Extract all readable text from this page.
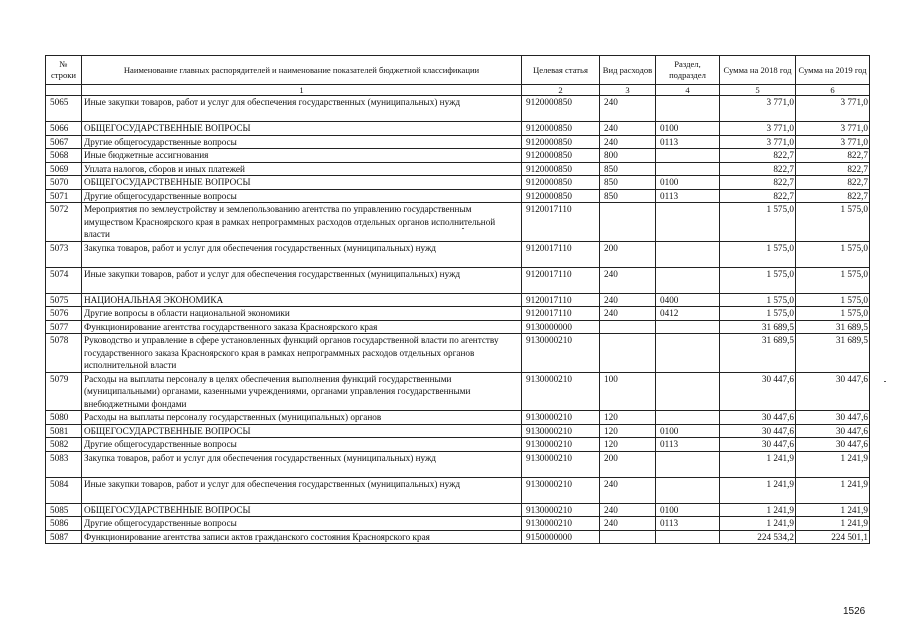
№ строки	Наименование главных распорядителей и наименование показателей бюджетной классификации	Целевая статья	Вид расходов	Раздел, подраздел	Сумма на 2018 год	Сумма на 2019 год
	1	2	3	4	5	6
5065	Иные закупки товаров, работ и услуг для обеспечения государственных (муниципальных) нужд	9120000850	240		3 771,0	3 771,0
5066	ОБЩЕГОСУДАРСТВЕННЫЕ ВОПРОСЫ	9120000850	240	0100	3 771,0	3 771,0
5067	Другие общегосударственные вопросы	9120000850	240	0113	3 771,0	3 771,0
5068	Иные бюджетные ассигнования	9120000850	800		822,7	822,7
5069	Уплата налогов, сборов и иных платежей	9120000850	850		822,7	822,7
5070	ОБЩЕГОСУДАРСТВЕННЫЕ ВОПРОСЫ	9120000850	850	0100	822,7	822,7
5071	Другие общегосударственные вопросы	9120000850	850	0113	822,7	822,7
5072	Мероприятия по землеустройству и землепользованию агентства по управлению государственным имуществом Красноярского края в рамках непрограммных расходов отдельных органов исполнительной власти	9120017110			1 575,0	1 575,0
5073	Закупка товаров, работ и услуг для обеспечения государственных (муниципальных) нужд	9120017110	200		1 575,0	1 575,0
5074	Иные закупки товаров, работ и услуг для обеспечения государственных (муниципальных) нужд	9120017110	240		1 575,0	1 575,0
5075	НАЦИОНАЛЬНАЯ ЭКОНОМИКА	9120017110	240	0400	1 575,0	1 575,0
5076	Другие вопросы в области национальной экономики	9120017110	240	0412	1 575,0	1 575,0
5077	Функционирование агентства государственного заказа Красноярского края	9130000000			31 689,5	31 689,5
5078	Руководство и управление в сфере установленных функций органов государственной власти по агентству государственного заказа Красноярского края в рамках непрограммных расходов отдельных органов исполнительной власти	9130000210			31 689,5	31 689,5
5079	Расходы на выплаты персоналу в целях обеспечения выполнения функций государственными (муниципальными) органами, казенными учреждениями, органами управления государственными внебюджетными фондами	9130000210	100		30 447,6	30 447,6
5080	Расходы на выплаты персоналу государственных (муниципальных) органов	9130000210	120		30 447,6	30 447,6
5081	ОБЩЕГОСУДАРСТВЕННЫЕ ВОПРОСЫ	9130000210	120	0100	30 447,6	30 447,6
5082	Другие общегосударственные вопросы	9130000210	120	0113	30 447,6	30 447,6
5083	Закупка товаров, работ и услуг для обеспечения государственных (муниципальных) нужд	9130000210	200		1 241,9	1 241,9
5084	Иные закупки товаров, работ и услуг для обеспечения государственных (муниципальных) нужд	9130000210	240		1 241,9	1 241,9
5085	ОБЩЕГОСУДАРСТВЕННЫЕ ВОПРОСЫ	9130000210	240	0100	1 241,9	1 241,9
5086	Другие общегосударственные вопросы	9130000210	240	0113	1 241,9	1 241,9
5087	Функционирование агентства записи актов гражданского состояния Красноярского края	9150000000			224 534,2	224 501,1
1526
